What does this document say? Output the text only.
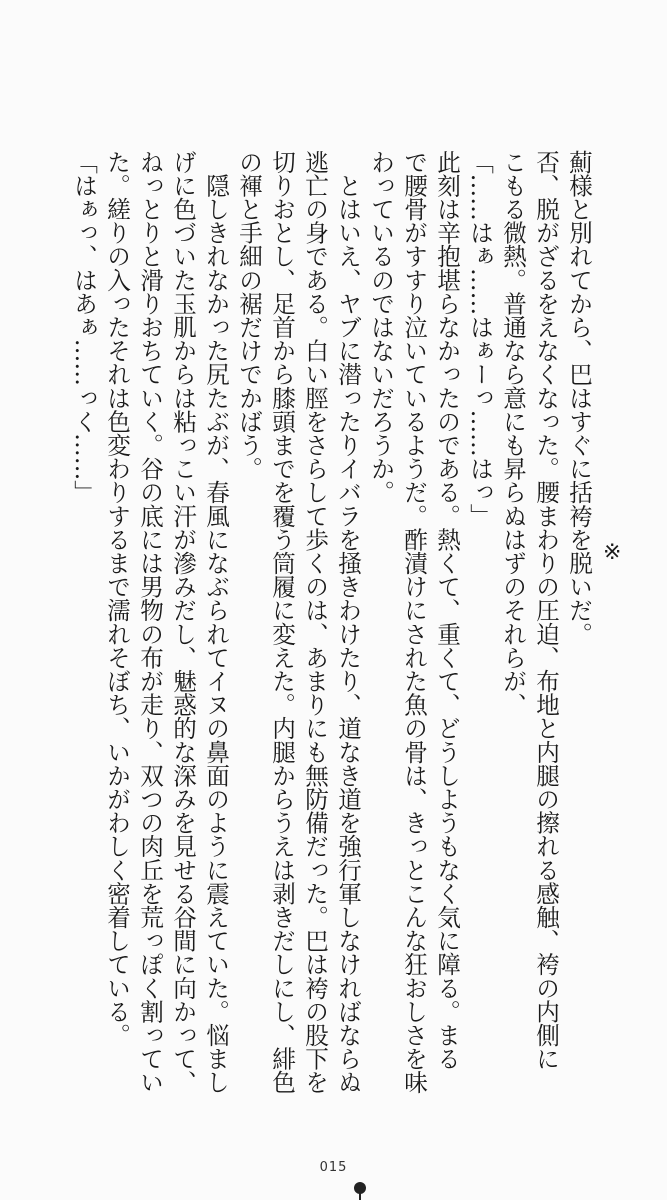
※
薊様と別れてから、巴はすぐに括袴を脱いだ。
否、脱がざるをえなくなった。腰まわりの圧迫、布地と内腿の擦れる感触、袴の内側に
こもる微熱。普通なら意にも昇らぬはずのそれらが、
「……はぁ……はぁーっ……はっ」
此刻は辛抱堪らなかったのである。熱くて、重くて、どうしようもなく気に障る。まる
で腰骨がすすり泣いているようだ。酢漬けにされた魚の骨は、きっとこんな狂おしさを味
わっているのではないだろうか。
　とはいえ、ヤブに潜ったりイバラを掻きわけたり、道なき道を強行軍しなければならぬ
逃亡の身である。白い脛をさらして歩くのは、あまりにも無防備だった。巴は袴の股下を
切りおとし、足首から膝頭までを覆う筒履に変えた。内腿からうえは剥きだしにし、緋色
の褌と手細の裾だけでかばう。
　隠しきれなかった尻たぶが、春風になぶられてイヌの鼻面のように震えていた。悩まし
げに色づいた玉肌からは粘っこい汗が滲みだし、魅惑的な深みを見せる谷間に向かって、
ねっとりと滑りおちていく。谷の底には男物の布が走り、双つの肉丘を荒っぽく割ってい
た。縒りの入ったそれは色変わりするまで濡れそぼち、いかがわしく密着している。
「はぁっ、はあぁ……っく……」
015
